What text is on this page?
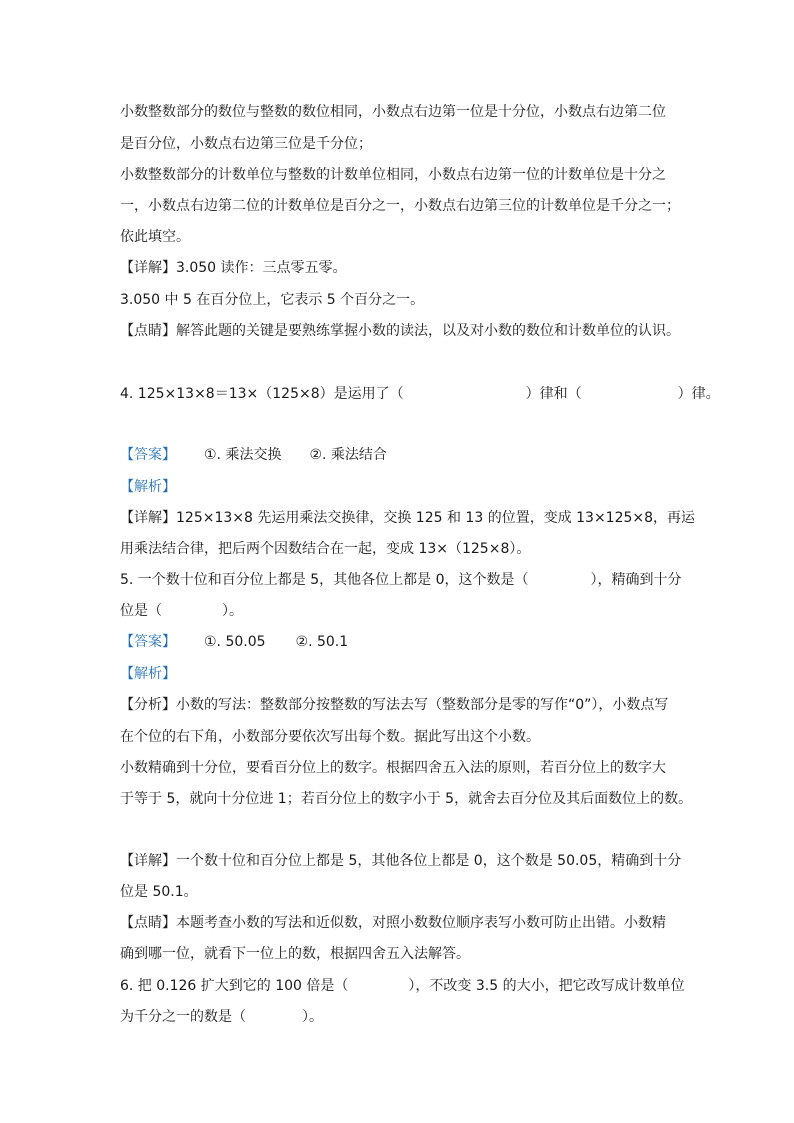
小数整数部分的数位与整数的数位相同，小数点右边第一位是十分位，小数点右边第二位
是百分位，小数点右边第三位是千分位；
小数整数部分的计数单位与整数的计数单位相同，小数点右边第一位的计数单位是十分之
一，小数点右边第二位的计数单位是百分之一，小数点右边第三位的计数单位是千分之一；
依此填空。
【详解】3.050 读作：三点零五零。
3.050 中 5 在百分位上，它表示 5 个百分之一。
【点睛】解答此题的关键是要熟练掌握小数的读法，以及对小数的数位和计数单位的认识。
4. 125×13×8＝13×（125×8）是运用了（	）律和（	）律。
【答案】 ①. 乘法交换 ②. 乘法结合
【解析】
【详解】125×13×8 先运用乘法交换律，交换 125 和 13 的位置，变成 13×125×8，再运
用乘法结合律，把后两个因数结合在一起，变成 13×（125×8）。
5. 一个数十位和百分位上都是 5，其他各位上都是 0，这个数是（	），精确到十分
位是（	）。
【答案】 ①. 50.05 ②. 50.1
【解析】
【分析】小数的写法：整数部分按整数的写法去写（整数部分是零的写作“0”），小数点写
在个位的右下角，小数部分要依次写出每个数。据此写出这个小数。
小数精确到十分位，要看百分位上的数字。根据四舍五入法的原则，若百分位上的数字大
于等于 5，就向十分位进 1；若百分位上的数字小于 5，就舍去百分位及其后面数位上的数。
【详解】一个数十位和百分位上都是 5，其他各位上都是 0，这个数是 50.05，精确到十分
位是 50.1。
【点睛】本题考查小数的写法和近似数，对照小数数位顺序表写小数可防止出错。小数精
确到哪一位，就看下一位上的数，根据四舍五入法解答。
6. 把 0.126 扩大到它的 100 倍是（	），不改变 3.5 的大小，把它改写成计数单位
为千分之一的数是（	）。
